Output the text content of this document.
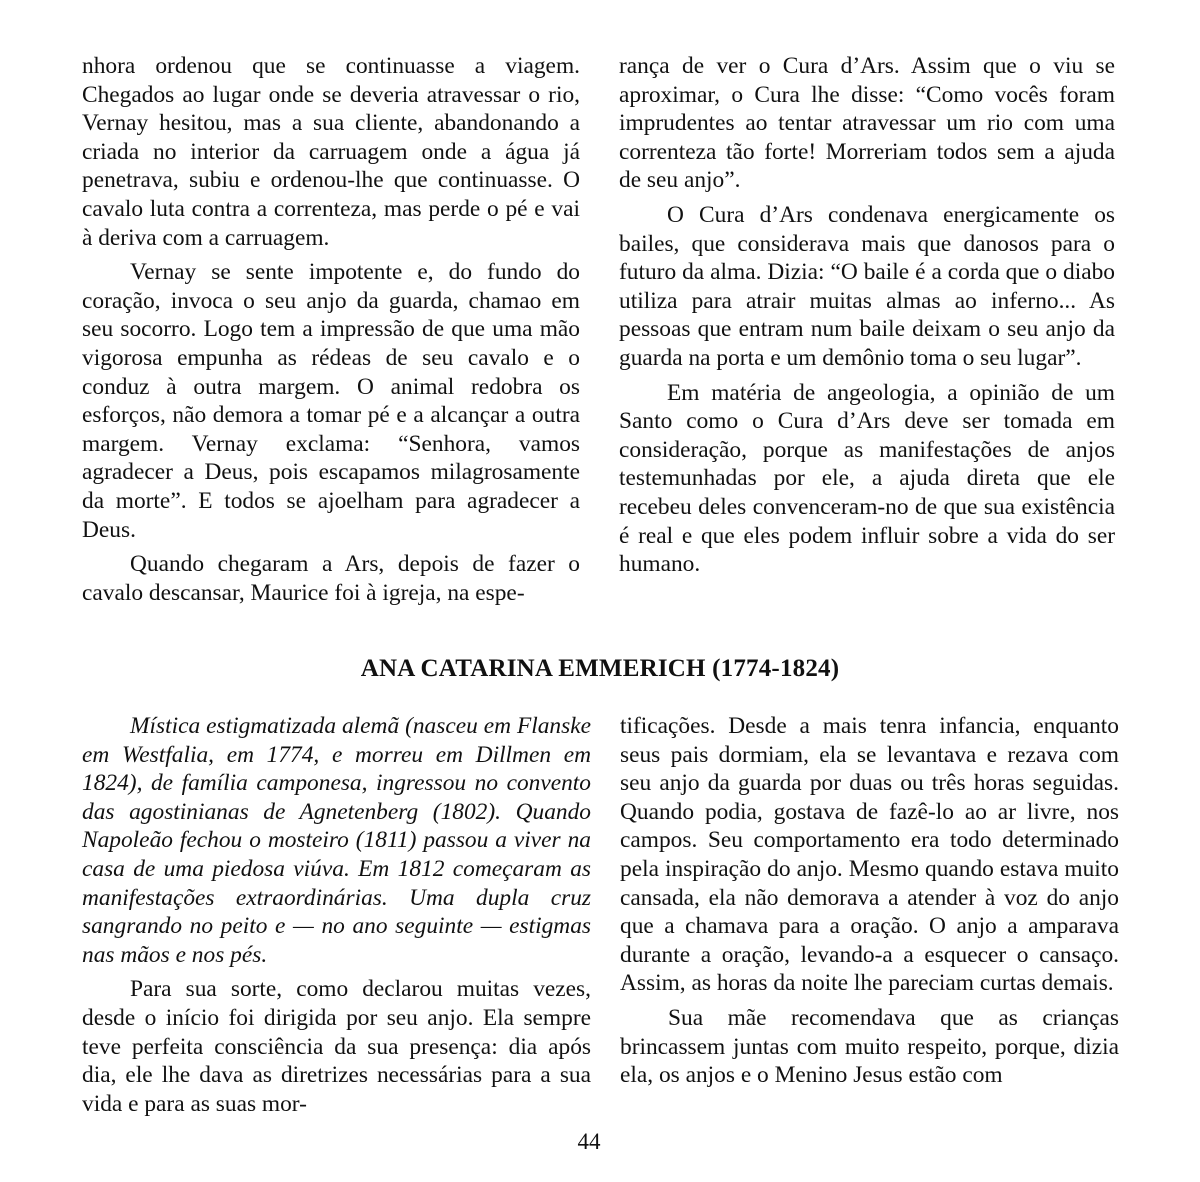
nhora ordenou que se continuasse a viagem. Chegados ao lugar onde se deveria atravessar o rio, Vernay hesitou, mas a sua cliente, abandonando a criada no interior da carruagem onde a água já penetrava, subiu e ordenou-lhe que continuasse. O cavalo luta contra a correnteza, mas perde o pé e vai à deriva com a carruagem.

Vernay se sente impotente e, do fundo do coração, invoca o seu anjo da guarda, chamao em seu socorro. Logo tem a impressão de que uma mão vigorosa empunha as rédeas de seu cavalo e o conduz à outra margem. O animal redobra os esforços, não demora a tomar pé e a alcançar a outra margem. Vernay exclama: “Senhora, vamos agradecer a Deus, pois escapamos milagrosamente da morte”. E todos se ajoelham para agradecer a Deus.

Quando chegaram a Ars, depois de fazer o cavalo descansar, Maurice foi à igreja, na espe-

rança de ver o Cura d’Ars. Assim que o viu se aproximar, o Cura lhe disse: “Como vocês foram imprudentes ao tentar atravessar um rio com uma correnteza tão forte! Morreriam todos sem a ajuda de seu anjo”.

O Cura d’Ars condenava energicamente os bailes, que considerava mais que danosos para o futuro da alma. Dizia: “O baile é a corda que o diabo utiliza para atrair muitas almas ao inferno... As pessoas que entram num baile deixam o seu anjo da guarda na porta e um demônio toma o seu lugar”.

Em matéria de angeologia, a opinião de um Santo como o Cura d’Ars deve ser tomada em consideração, porque as manifestações de anjos testemunhadas por ele, a ajuda direta que ele recebeu deles convenceram-no de que sua existência é real e que eles podem influir sobre a vida do ser humano.

ANA CATARINA EMMERICH (1774-1824)

Mística estigmatizada alemã (nasceu em Flanske em Westfalia, em 1774, e morreu em Dillmen em 1824), de família camponesa, ingressou no convento das agostinianas de Agnetenberg (1802). Quando Napoleão fechou o mosteiro (1811) passou a viver na casa de uma piedosa viúva. Em 1812 começaram as manifestações extraordinárias. Uma dupla cruz sangrando no peito e — no ano seguinte — estigmas nas mãos e nos pés.

Para sua sorte, como declarou muitas vezes, desde o início foi dirigida por seu anjo. Ela sempre teve perfeita consciência da sua presença: dia após dia, ele lhe dava as diretrizes necessárias para a sua vida e para as suas mor-

tificações. Desde a mais tenra infancia, enquanto seus pais dormiam, ela se levantava e rezava com seu anjo da guarda por duas ou três horas seguidas. Quando podia, gostava de fazê-lo ao ar livre, nos campos. Seu comportamento era todo determinado pela inspiração do anjo. Mesmo quando estava muito cansada, ela não demorava a atender à voz do anjo que a chamava para a oração. O anjo a amparava durante a oração, levando-a a esquecer o cansaço. Assim, as horas da noite lhe pareciam curtas demais.

Sua mãe recomendava que as crianças brincassem juntas com muito respeito, porque, dizia ela, os anjos e o Menino Jesus estão com

44
